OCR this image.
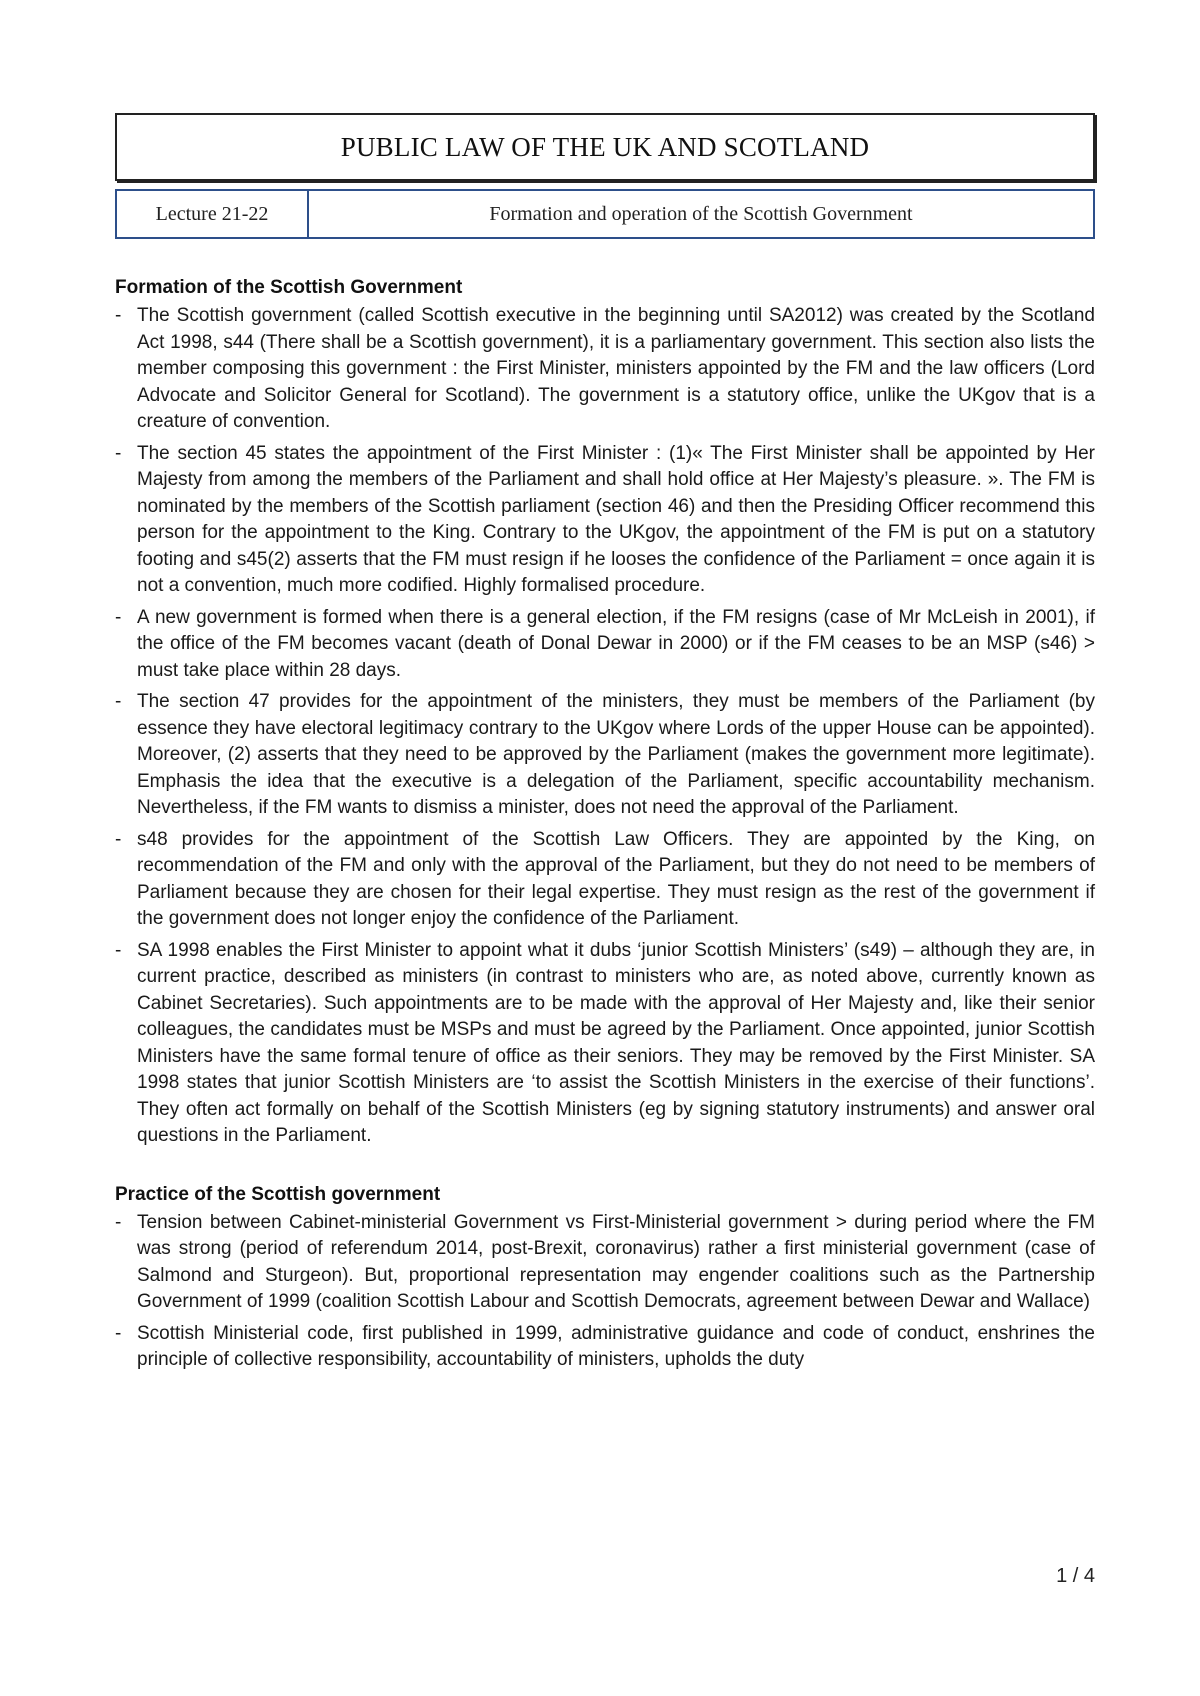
PUBLIC LAW OF THE UK AND SCOTLAND
Lecture 21-22	Formation and operation of the Scottish Government
Formation of the Scottish Government
- The Scottish government (called Scottish executive in the beginning until SA2012) was created by the Scotland Act 1998, s44 (There shall be a Scottish government), it is a parliamentary government. This section also lists the member composing this government : the First Minister, ministers appointed by the FM and the law officers (Lord Advocate and Solicitor General for Scotland). The government is a statutory office, unlike the UKgov that is a creature of convention.
- The section 45 states the appointment of the First Minister : (1)« The First Minister shall be appointed by Her Majesty from among the members of the Parliament and shall hold office at Her Majesty’s pleasure. ». The FM is nominated by the members of the Scottish parliament (section 46) and then the Presiding Officer recommend this person for the appointment to the King. Contrary to the UKgov, the appointment of the FM is put on a statutory footing and s45(2) asserts that the FM must resign if he looses the confidence of the Parliament = once again it is not a convention, much more codified. Highly formalised procedure.
- A new government is formed when there is a general election, if the FM resigns (case of Mr McLeish in 2001), if the office of the FM becomes vacant (death of Donal Dewar in 2000) or if the FM ceases to be an MSP (s46) > must take place within 28 days.
- The section 47 provides for the appointment of the ministers, they must be members of the Parliament (by essence they have electoral legitimacy contrary to the UKgov where Lords of the upper House can be appointed). Moreover, (2) asserts that they need to be approved by the Parliament (makes the government more legitimate). Emphasis the idea that the executive is a delegation of the Parliament, specific accountability mechanism. Nevertheless, if the FM wants to dismiss a minister, does not need the approval of the Parliament.
- s48 provides for the appointment of the Scottish Law Officers. They are appointed by the King, on recommendation of the FM and only with the approval of the Parliament, but they do not need to be members of Parliament because they are chosen for their legal expertise. They must resign as the rest of the government if the government does not longer enjoy the confidence of the Parliament.
- SA 1998 enables the First Minister to appoint what it dubs ‘junior Scottish Ministers’ (s49) – although they are, in current practice, described as ministers (in contrast to ministers who are, as noted above, currently known as Cabinet Secretaries). Such appointments are to be made with the approval of Her Majesty and, like their senior colleagues, the candidates must be MSPs and must be agreed by the Parliament. Once appointed, junior Scottish Ministers have the same formal tenure of office as their seniors. They may be removed by the First Minister. SA 1998 states that junior Scottish Ministers are ‘to assist the Scottish Ministers in the exercise of their functions’. They often act formally on behalf of the Scottish Ministers (eg by signing statutory instruments) and answer oral questions in the Parliament.
Practice of the Scottish government
- Tension between Cabinet-ministerial Government vs First-Ministerial government > during period where the FM was strong (period of referendum 2014, post-Brexit, coronavirus) rather a first ministerial government (case of Salmond and Sturgeon). But, proportional representation may engender coalitions such as the Partnership Government of 1999 (coalition Scottish Labour and Scottish Democrats, agreement between Dewar and Wallace)
- Scottish Ministerial code, first published in 1999, administrative guidance and code of conduct, enshrines the principle of collective responsibility, accountability of ministers, upholds the duty
1 / 4
